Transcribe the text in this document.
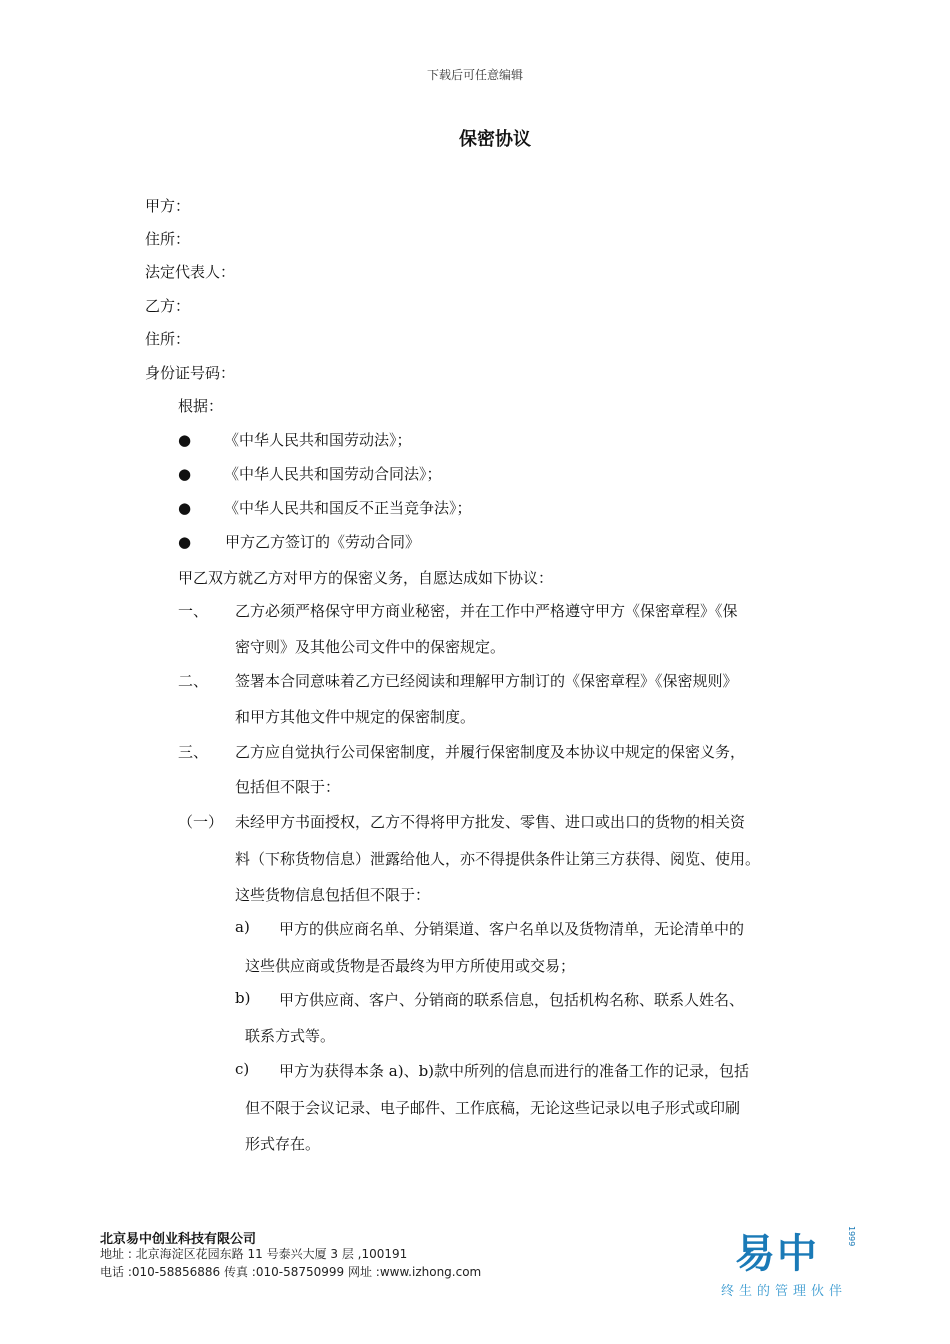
下载后可任意编辑
保密协议
甲方：
住所：
法定代表人：
乙方：
住所：
身份证号码：
根据：
● 《中华人民共和国劳动法》；
● 《中华人民共和国劳动合同法》；
● 《中华人民共和国反不正当竞争法》；
● 甲方乙方签订的《劳动合同》
甲乙双方就乙方对甲方的保密义务，自愿达成如下协议：
一、 乙方必须严格保守甲方商业秘密，并在工作中严格遵守甲方《保密章程》《保
密守则》及其他公司文件中的保密规定。
二、 签署本合同意味着乙方已经阅读和理解甲方制订的《保密章程》《保密规则》
和甲方其他文件中规定的保密制度。
三、 乙方应自觉执行公司保密制度，并履行保密制度及本协议中规定的保密义务，
包括但不限于：
（一） 未经甲方书面授权，乙方不得将甲方批发、零售、进口或出口的货物的相关资
料（下称货物信息）泄露给他人，亦不得提供条件让第三方获得、阅览、使用。
这些货物信息包括但不限于：
a) 甲方的供应商名单、分销渠道、客户名单以及货物清单，无论清单中的
这些供应商或货物是否最终为甲方所使用或交易；
b) 甲方供应商、客户、分销商的联系信息，包括机构名称、联系人姓名、
联系方式等。
c) 甲方为获得本条 a)、b)款中所列的信息而进行的准备工作的记录，包括
但不限于会议记录、电子邮件、工作底稿，无论这些记录以电子形式或印刷
形式存在。
北京易中创业科技有限公司
地址 : 北京海淀区花园东路 11 号泰兴大厦 3 层 ,100191
电话 :010-58856886 传真 :010-58750999 网址 :www.izhong.com	易中	1999
终生的管理伙伴
